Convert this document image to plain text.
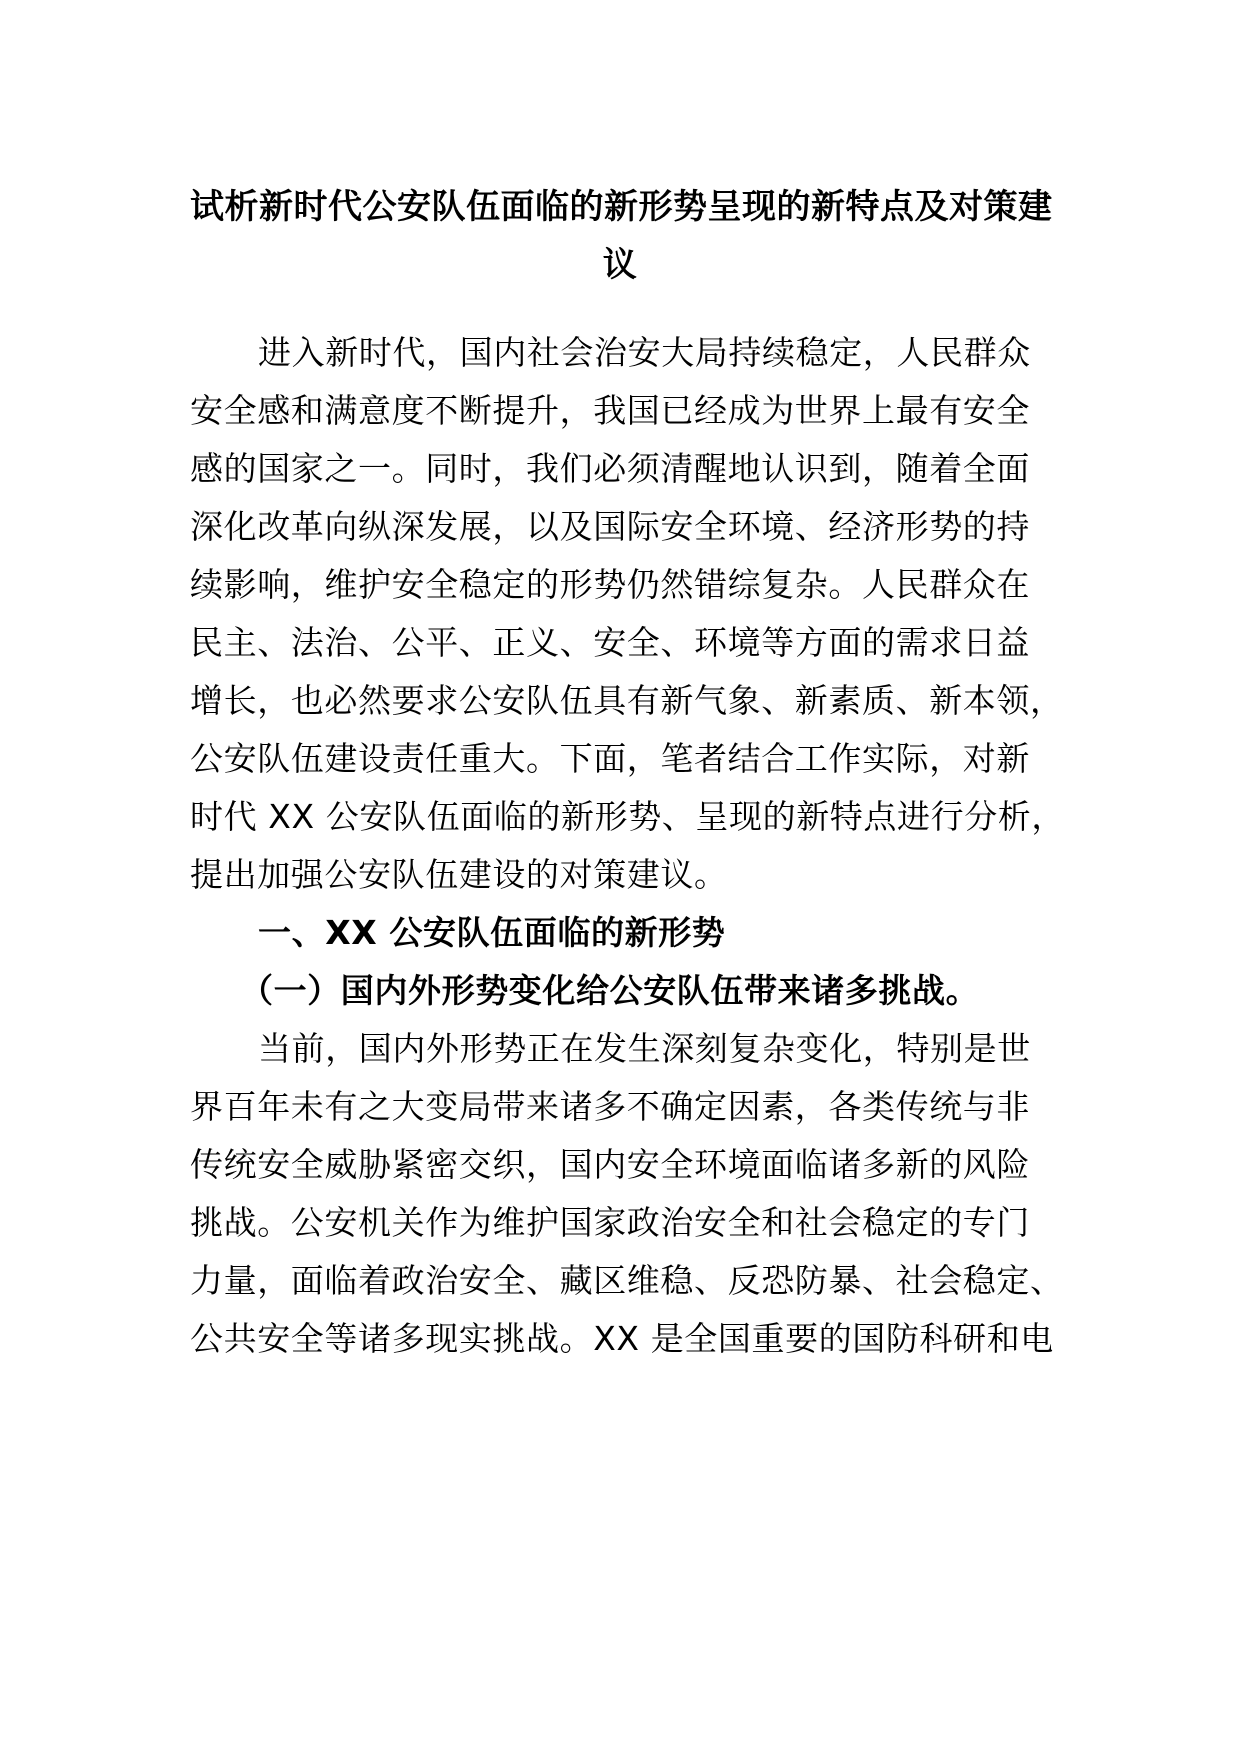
试析新时代公安队伍面临的新形势呈现的新特点及对策建
议
进入新时代，国内社会治安大局持续稳定，人民群众
安全感和满意度不断提升，我国已经成为世界上最有安全
感的国家之一。同时，我们必须清醒地认识到，随着全面
深化改革向纵深发展，以及国际安全环境、经济形势的持
续影响，维护安全稳定的形势仍然错综复杂。人民群众在
民主、法治、公平、正义、安全、环境等方面的需求日益
增长，也必然要求公安队伍具有新气象、新素质、新本领，
公安队伍建设责任重大。下面，笔者结合工作实际，对新
时代 XX 公安队伍面临的新形势、呈现的新特点进行分析，
提出加强公安队伍建设的对策建议。
一、XX 公安队伍面临的新形势
（一）国内外形势变化给公安队伍带来诸多挑战。
当前，国内外形势正在发生深刻复杂变化，特别是世
界百年未有之大变局带来诸多不确定因素，各类传统与非
传统安全威胁紧密交织，国内安全环境面临诸多新的风险
挑战。公安机关作为维护国家政治安全和社会稳定的专门
力量，面临着政治安全、藏区维稳、反恐防暴、社会稳定、
公共安全等诸多现实挑战。XX 是全国重要的国防科研和电
